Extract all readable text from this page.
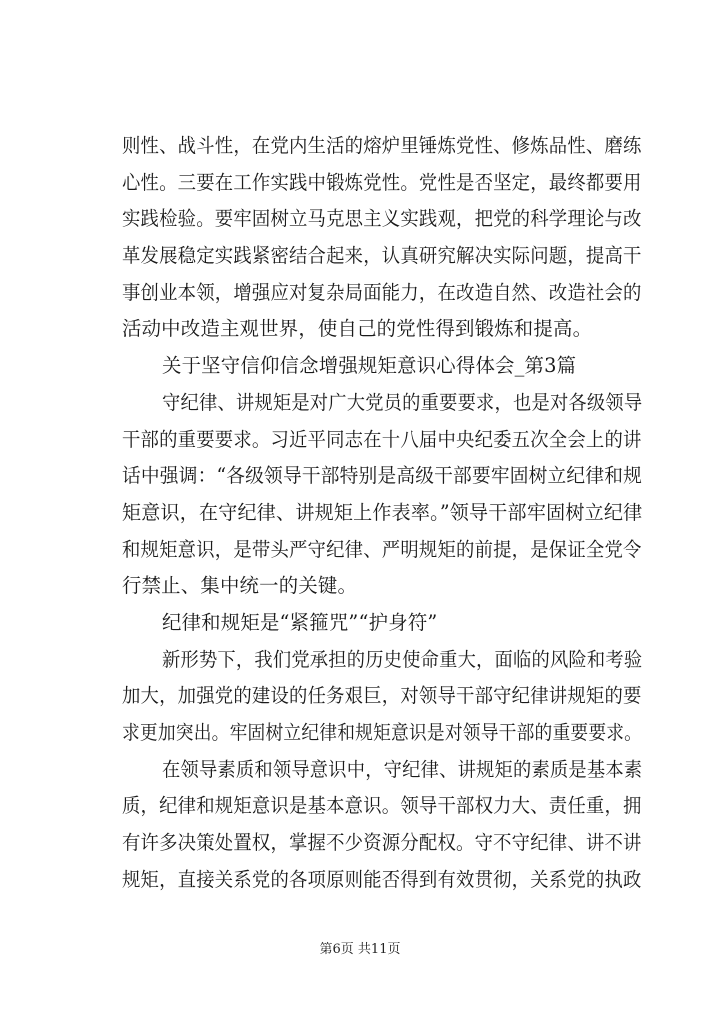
则性、战斗性，在党内生活的熔炉里锤炼党性、修炼品性、磨练
心性。三要在工作实践中锻炼党性。党性是否坚定，最终都要用
实践检验。要牢固树立马克思主义实践观，把党的科学理论与改
革发展稳定实践紧密结合起来，认真研究解决实际问题，提高干
事创业本领，增强应对复杂局面能力，在改造自然、改造社会的
活动中改造主观世界，使自己的党性得到锻炼和提高。
关于坚守信仰信念增强规矩意识心得体会_第3篇
守纪律、讲规矩是对广大党员的重要要求，也是对各级领导
干部的重要要求。习近平同志在十八届中央纪委五次全会上的讲
话中强调：“各级领导干部特别是高级干部要牢固树立纪律和规
矩意识，在守纪律、讲规矩上作表率。”领导干部牢固树立纪律
和规矩意识，是带头严守纪律、严明规矩的前提，是保证全党令
行禁止、集中统一的关键。
纪律和规矩是“紧箍咒”“护身符”
新形势下，我们党承担的历史使命重大，面临的风险和考验
加大，加强党的建设的任务艰巨，对领导干部守纪律讲规矩的要
求更加突出。牢固树立纪律和规矩意识是对领导干部的重要要求。
在领导素质和领导意识中，守纪律、讲规矩的素质是基本素
质，纪律和规矩意识是基本意识。领导干部权力大、责任重，拥
有许多决策处置权，掌握不少资源分配权。守不守纪律、讲不讲
规矩，直接关系党的各项原则能否得到有效贯彻，关系党的执政
第6页 共11页
